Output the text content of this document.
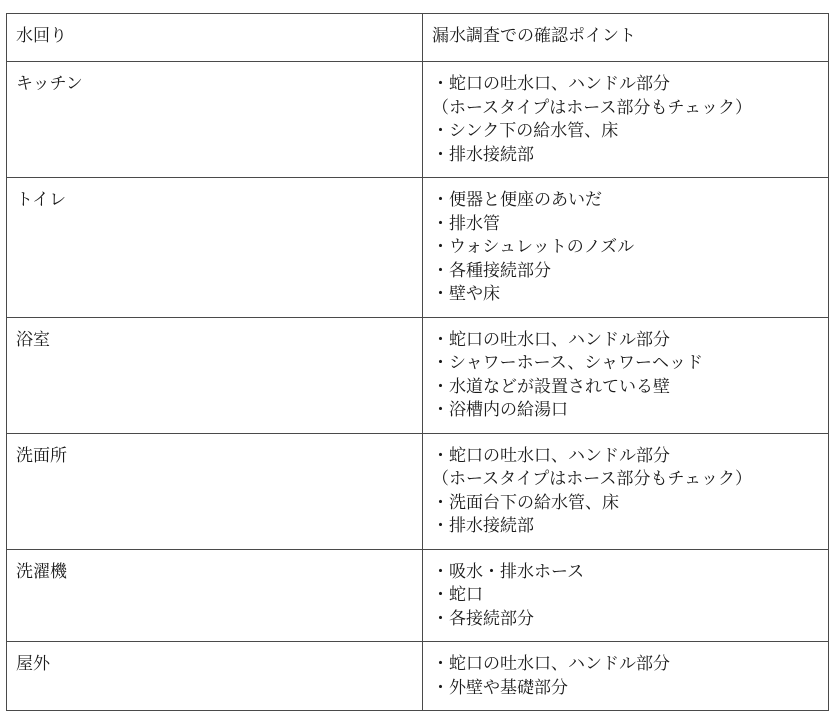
水回り	漏水調査での確認ポイント
キッチン	・蛇口の吐水口、ハンドル部分
（ホースタイプはホース部分もチェック）
・シンク下の給水管、床
・排水接続部

トイレ	・便器と便座のあいだ
・排水管
・ウォシュレットのノズル
・各種接続部分
・壁や床

浴室	・蛇口の吐水口、ハンドル部分
・シャワーホース、シャワーヘッド
・水道などが設置されている壁
・浴槽内の給湯口

洗面所	・蛇口の吐水口、ハンドル部分
（ホースタイプはホース部分もチェック）
・洗面台下の給水管、床
・排水接続部

洗濯機	・吸水・排水ホース
・蛇口
・各接続部分

屋外	・蛇口の吐水口、ハンドル部分
・外壁や基礎部分
